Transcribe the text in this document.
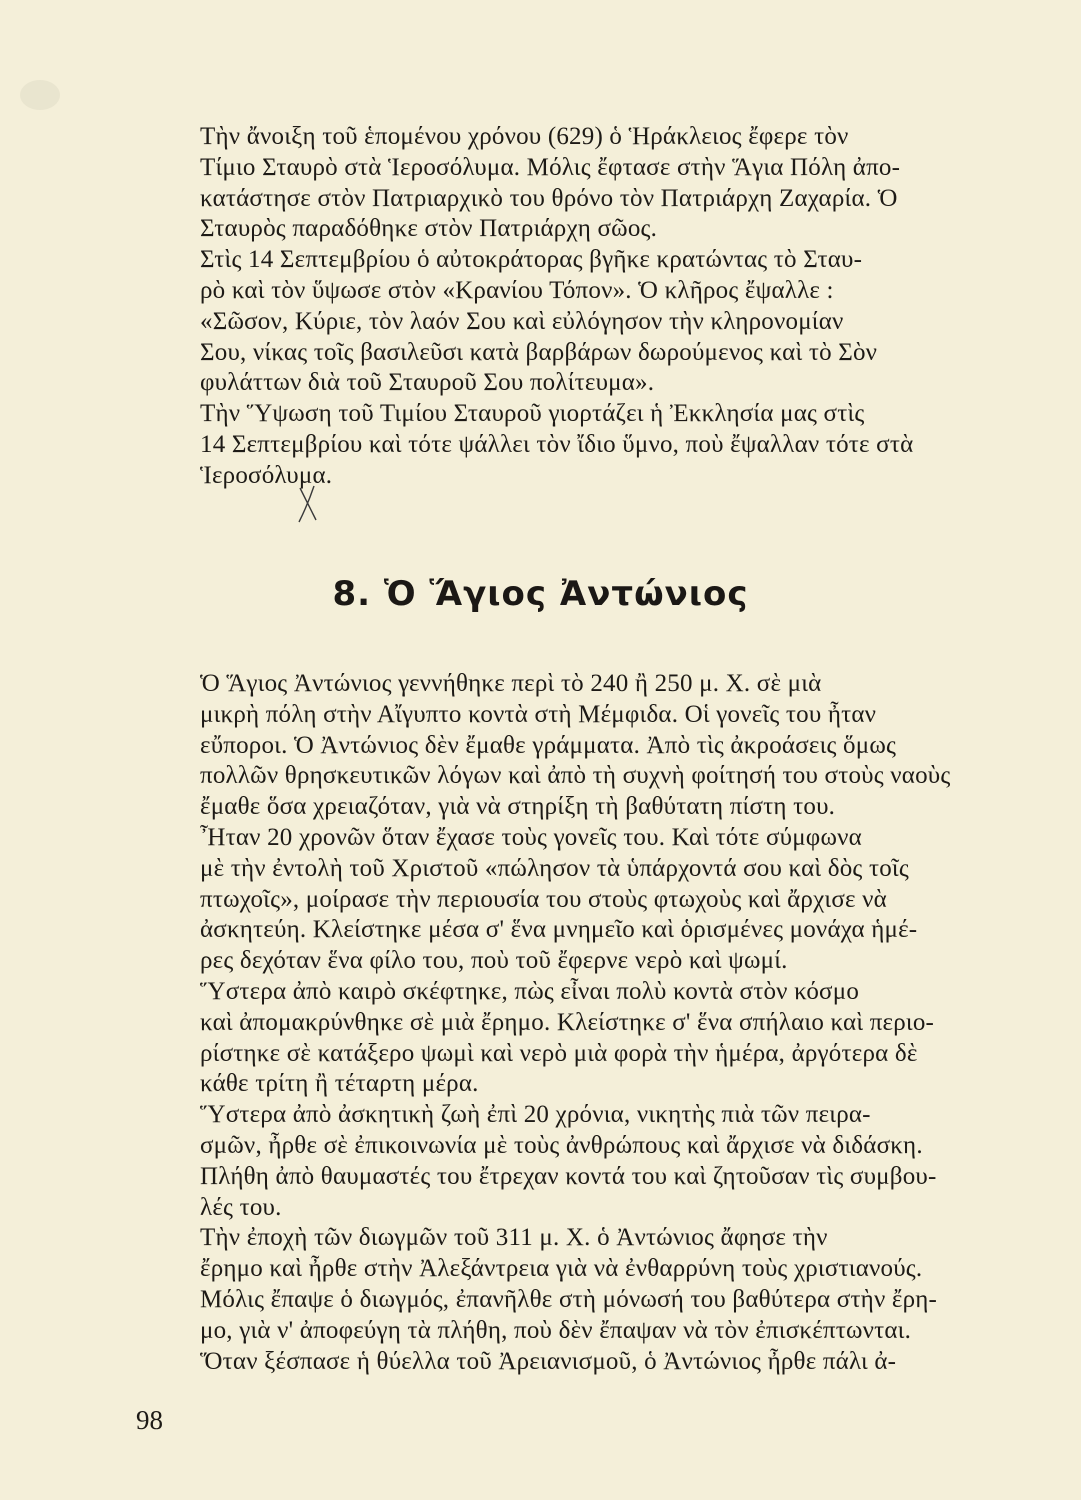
Τὴν ἄνοιξη τοῦ ἑπομένου χρόνου (629) ὁ Ἡράκλειος ἔφερε τὸν
Τίμιο Σταυρὸ στὰ Ἱεροσόλυμα. Μόλις ἔφτασε στὴν Ἅγια Πόλη ἀπο-
κατάστησε στὸν Πατριαρχικὸ του θρόνο τὸν Πατριάρχη Ζαχαρία. Ὁ
Σταυρὸς παραδόθηκε στὸν Πατριάρχη σῶος.

Στὶς 14 Σεπτεμβρίου ὁ αὐτοκράτορας βγῆκε κρατώντας τὸ Σταυ-
ρὸ καὶ τὸν ὕψωσε στὸν «Κρανίου Τόπον». Ὁ κλῆρος ἔψαλλε :

«Σῶσον, Κύριε, τὸν λαόν Σου καὶ εὐλόγησον τὴν κληρονομίαν
Σου, νίκας τοῖς βασιλεῦσι κατὰ βαρβάρων δωρούμενος καὶ τὸ Σὸν
φυλάττων διὰ τοῦ Σταυροῦ Σου πολίτευμα».

Τὴν Ὕψωση τοῦ Τιμίου Σταυροῦ γιορτάζει ἡ Ἐκκλησία μας στὶς
14 Σεπτεμβρίου καὶ τότε ψάλλει τὸν ἴδιο ὕμνο, ποὺ ἔψαλλαν τότε στὰ
Ἱεροσόλυμα.

8. Ὁ Ἅγιος Ἀντώνιος

Ὁ Ἅγιος Ἀντώνιος γεννήθηκε περὶ τὸ 240 ἢ 250 μ. Χ. σὲ μιὰ
μικρὴ πόλη στὴν Αἴγυπτο κοντὰ στὴ Μέμφιδα. Οἱ γονεῖς του ἦταν
εὔποροι. Ὁ Ἀντώνιος δὲν ἔμαθε γράμματα. Ἀπὸ τὶς ἀκροάσεις ὅμως
πολλῶν θρησκευτικῶν λόγων καὶ ἀπὸ τὴ συχνὴ φοίτησή του στοὺς ναοὺς
ἔμαθε ὅσα χρειαζόταν, γιὰ νὰ στηρίξη τὴ βαθύτατη πίστη του.

Ἦταν 20 χρονῶν ὅταν ἔχασε τοὺς γονεῖς του. Καὶ τότε σύμφωνα
μὲ τὴν ἐντολὴ τοῦ Χριστοῦ «πώλησον τὰ ὑπάρχοντά σου καὶ δὸς τοῖς
πτωχοῖς», μοίρασε τὴν περιουσία του στοὺς φτωχοὺς καὶ ἄρχισε νὰ
ἀσκητεύη. Κλείστηκε μέσα σ' ἕνα μνημεῖο καὶ ὁρισμένες μονάχα ἡμέ-
ρες δεχόταν ἕνα φίλο του, ποὺ τοῦ ἔφερνε νερὸ καὶ ψωμί.

Ὕστερα ἀπὸ καιρὸ σκέφτηκε, πὼς εἶναι πολὺ κοντὰ στὸν κόσμο
καὶ ἀπομακρύνθηκε σὲ μιὰ ἔρημο. Κλείστηκε σ' ἕνα σπήλαιο καὶ περιο-
ρίστηκε σὲ κατάξερο ψωμὶ καὶ νερὸ μιὰ φορὰ τὴν ἡμέρα, ἀργότερα δὲ
κάθε τρίτη ἢ τέταρτη μέρα.

Ὕστερα ἀπὸ ἀσκητικὴ ζωὴ ἐπὶ 20 χρόνια, νικητὴς πιὰ τῶν πειρα-
σμῶν, ἦρθε σὲ ἐπικοινωνία μὲ τοὺς ἀνθρώπους καὶ ἄρχισε νὰ διδάσκη.
Πλήθη ἀπὸ θαυμαστές του ἔτρεχαν κοντά του καὶ ζητοῦσαν τὶς συμβου-
λές του.

Τὴν ἐποχὴ τῶν διωγμῶν τοῦ 311 μ. Χ. ὁ Ἀντώνιος ἄφησε τὴν
ἔρημο καὶ ἦρθε στὴν Ἀλεξάντρεια γιὰ νὰ ἐνθαρρύνη τοὺς χριστιανούς.
Μόλις ἔπαψε ὁ διωγμός, ἐπανῆλθε στὴ μόνωσή του βαθύτερα στὴν ἔρη-
μο, γιὰ ν' ἀποφεύγη τὰ πλήθη, ποὺ δὲν ἔπαψαν νὰ τὸν ἐπισκέπτωνται.
Ὅταν ξέσπασε ἡ θύελλα τοῦ Ἀρειανισμοῦ, ὁ Ἀντώνιος ἦρθε πάλι ἀ-

98
